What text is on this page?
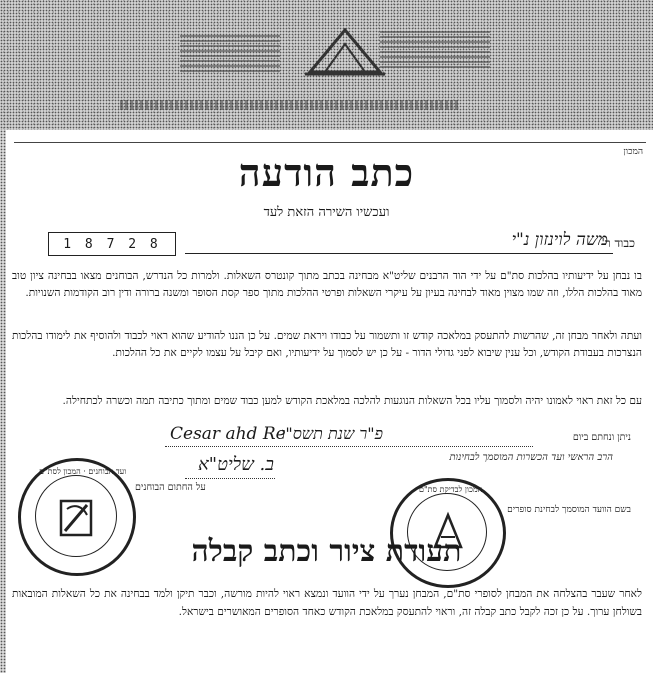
המכון
כתב הודעה
ועכשיו השירה הזאת לעד
1 8 7 2 8	כבוד ר'
משה לוינזון נ"י
בו נבחן על ידיעותיו בהלכות סת"ם על ידי הוד הרבנים שליט"א מבחינה בכתב מתוך קונטרס השאלות. ולמרות כל הנדרש, הבוחנים מצאו בבחינה ציון טוב מאוד בהלכות הללו, וזה שמו מצוין מאוד לבחינה בעיון על עיקרי השאלות ופרטי ההלכות מתוך ספר קסת הסופר ומשנה ברורה ודין רוב הקודמות השנויות.
ועתה ולאחר מבחן זה, שהרשות להתעסק במלאכה קודש זו ותשמור על כבודו ויראת שמים. על כן הננו להודיע שהוא ראוי לכבוד ולהוסיף את לימודו בהלכות הנצרכות בעבודת הקודש, וכל ענין שיבוא לפני גדולי הדור - על כן יש לסמוך על ידיעותיו, ואם קיבל על עצמו לקיים את כל ההלכות.
עם כל זאת ראוי לאמונו יהיה ולסמוך עליו בכל השאלות הנוגעות להלכה במלאכת הקודש למען כבוד שמים ומתוך כתיבה תמה וכשרה לכתחילה.
ניתן ונחתם ביום
פ"ר שנת תשס"ו
Cesar ahd Re
הרב הראשי ועד הכשרות המוסמך לבחינות
ב. שליט"א
על החתום הבוחנים
בשם הוועד המוסמך לבחינת סופרים
ועד הבוחנים · המכון לסת"ם
המכון לבדיקת סת"ם
תעודת ציור וכתב קבלה
לאחר שעבר בהצלחה את המבחן לסופרי סת"ם, המבחן נערך על ידי הוועד ונמצא ראוי להיות מורשה, וכבר תיקן ולמד בבחינה את כל השאלות המובאות בשולחן ערוך. על כן זכה לקבל כתב קבלה זה, וראוי להתעסק במלאכת הקודש כאחד הסופרים המאושרים בישראל.
